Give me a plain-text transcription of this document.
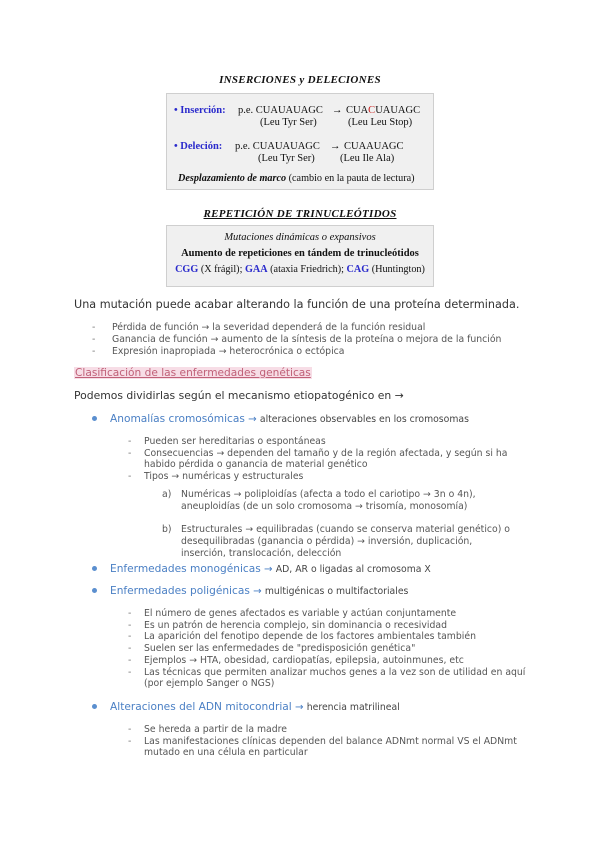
INSERCIONES y DELECIONES
• Inserción: p.e. CUAUAUAGC → CUACUAUAGC
(Leu Tyr Ser)	(Leu Leu Stop)
• Deleción: p.e. CUAUAUAGC → CUAAUAGC
(Leu Tyr Ser) (Leu Ile Ala)
Desplazamiento de marco (cambio en la pauta de lectura)
REPETICIÓN DE TRINUCLEÓTIDOS
Mutaciones dinámicas o expansivos
Aumento de repeticiones en tándem de trinucleótidos
CGG (X frágil); GAA (ataxia Friedrich); CAG (Huntington)
Una mutación puede acabar alterando la función de una proteína determinada.
- Pérdida de función → la severidad dependerá de la función residual
- Ganancia de función → aumento de la síntesis de la proteína o mejora de la función
- Expresión inapropiada → heterocrónica o ectópica
Clasificación de las enfermedades genéticas
Podemos dividirlas según el mecanismo etiopatogénico en →
Anomalías cromosómicas → alteraciones observables en los cromosomas
- Pueden ser hereditarias o espontáneas
- Consecuencias → dependen del tamaño y de la región afectada, y según si ha habido pérdida o ganancia de material genético
- Tipos → numéricas y estructurales
a) Numéricas → poliploidías (afecta a todo el cariotipo → 3n o 4n), aneuploidías (de un solo cromosoma → trisomía, monosomía)
b) Estructurales → equilibradas (cuando se conserva material genético) o desequilibradas (ganancia o pérdida) → inversión, duplicación, inserción, translocación, delección
Enfermedades monogénicas → AD, AR o ligadas al cromosoma X
Enfermedades poligénicas → multigénicas o multifactoriales
- El número de genes afectados es variable y actúan conjuntamente
- Es un patrón de herencia complejo, sin dominancia o recesividad
- La aparición del fenotipo depende de los factores ambientales también
- Suelen ser las enfermedades de "predisposición genética"
- Ejemplos → HTA, obesidad, cardiopatías, epilepsia, autoinmunes, etc
- Las técnicas que permiten analizar muchos genes a la vez son de utilidad en aquí (por ejemplo Sanger o NGS)
Alteraciones del ADN mitocondrial → herencia matrilineal
- Se hereda a partir de la madre
- Las manifestaciones clínicas dependen del balance ADNmt normal VS el ADNmt mutado en una célula en particular
